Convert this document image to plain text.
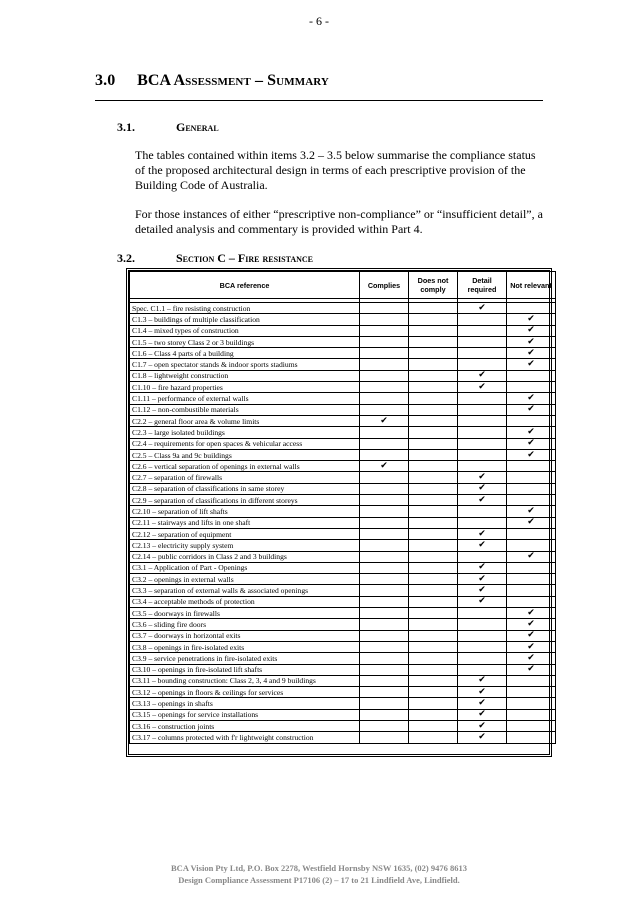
- 6 -
3.0 BCA Assessment – Summary
3.1.	General

The tables contained within items 3.2 – 3.5 below summarise the compliance status of the proposed architectural design in terms of each prescriptive provision of the Building Code of Australia.

For those instances of either “prescriptive non-compliance” or “insufficient detail”, a detailed analysis and commentary is provided within Part 4.

3.2.	Section C – Fire resistance
BCA reference	Complies	Does not comply	Detail required	Not relevant

Spec. C1.1 – fire resisting construction			✔	
C1.3 – buildings of multiple classification				✔
C1.4 – mixed types of construction				✔
C1.5 – two storey Class 2 or 3 buildings				✔
C1.6 – Class 4 parts of a building				✔
C1.7 – open spectator stands & indoor sports stadiums				✔
C1.8 – lightweight construction			✔	
C1.10 – fire hazard properties			✔	
C1.11 – performance of external walls				✔
C1.12 – non-combustible materials				✔
C2.2 – general floor area & volume limits	✔			
C2.3 – large isolated buildings				✔
C2.4 – requirements for open spaces & vehicular access				✔
C2.5 – Class 9a and 9c buildings				✔
C2.6 – vertical separation of openings in external walls	✔			
C2.7 – separation of firewalls			✔	
C2.8 – separation of classifications in same storey			✔	
C2.9 – separation of classifications in different storeys			✔	
C2.10 – separation of lift shafts				✔
C2.11 – stairways and lifts in one shaft				✔
C2.12 – separation of equipment			✔	
C2.13 – electricity supply system			✔	
C2.14 – public corridors in Class 2 and 3 buildings				✔
C3.1 – Application of Part - Openings			✔	
C3.2 – openings in external walls			✔	
C3.3 – separation of external walls & associated openings			✔	
C3.4 – acceptable methods of protection			✔	
C3.5 – doorways in firewalls				✔
C3.6 – sliding fire doors				✔
C3.7 – doorways in horizontal exits				✔
C3.8 – openings in fire-isolated exits				✔
C3.9 – service penetrations in fire-isolated exits				✔
C3.10 – openings in fire-isolated lift shafts				✔
C3.11 – bounding construction: Class 2, 3, 4 and 9 buildings			✔	
C3.12 – openings in floors & ceilings for services			✔	
C3.13 – openings in shafts			✔	
C3.15 – openings for service installations			✔	
C3.16 – construction joints			✔	
C3.17 – columns protected with f'r lightweight construction			✔	
BCA Vision Pty Ltd, P.O. Box 2278, Westfield Hornsby NSW 1635, (02) 9476 8613
Design Compliance Assessment P17106 (2) – 17 to 21 Lindfield Ave, Lindfield.
